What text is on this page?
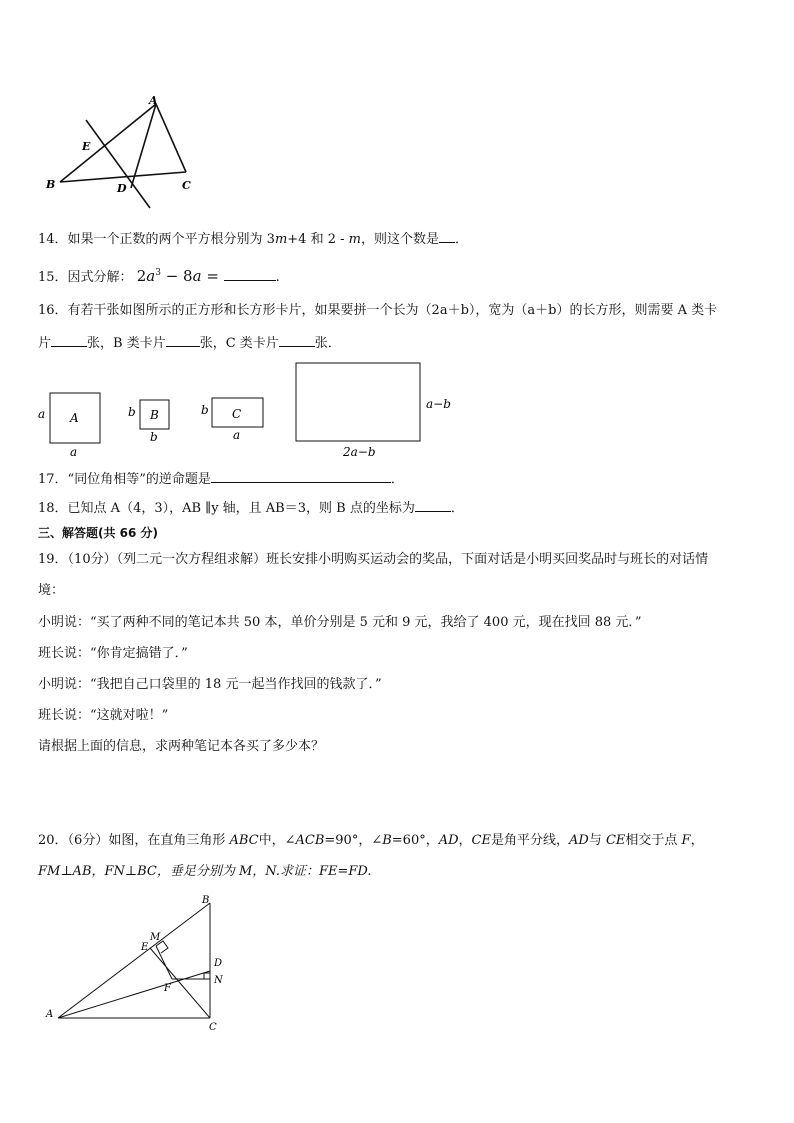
A
E
B	D	C
14．如果一个正数的两个平方根分别为 3m+4 和 2 - m，则这个数是 ．
15．因式分解： $2a^3 - 8a$ =	.
16．有若干张如图所示的正方形和长方形卡片，如果要拼一个长为（2a＋b），宽为（a＋b）的长方形，则需要 A 类卡
片	张，B 类卡片	张，C 类卡片	张．
a A
a
b B
b
b C
a
a−b
2a−b
17．“同位角相等”的逆命题是	．
18．已知点 A（4，3），AB ∥y 轴，且 AB＝3，则 B 点的坐标为	．
三、解答题(共 66 分)
19．（10分）（列二元一次方程组求解）班长安排小明购买运动会的奖品，下面对话是小明买回奖品时与班长的对话情
境：
小明说：“买了两种不同的笔记本共 50 本，单价分别是 5 元和 9 元，我给了 400 元，现在找回 88 元．”
班长说：“你肯定搞错了．”
小明说：“我把自己口袋里的 18 元一起当作找回的钱款了．”
班长说：“这就对啦！”
请根据上面的信息，求两种笔记本各买了多少本？
20．（6分）如图，在直角三角形 ABC中，∠ACB=90°，∠B=60°，AD，CE是角平分线，AD与 CE相交于点 F，
FM⊥AB，FN⊥BC，垂足分别为 M，N.求证：FE=FD.
B
M
E
D
N
F
A
C
